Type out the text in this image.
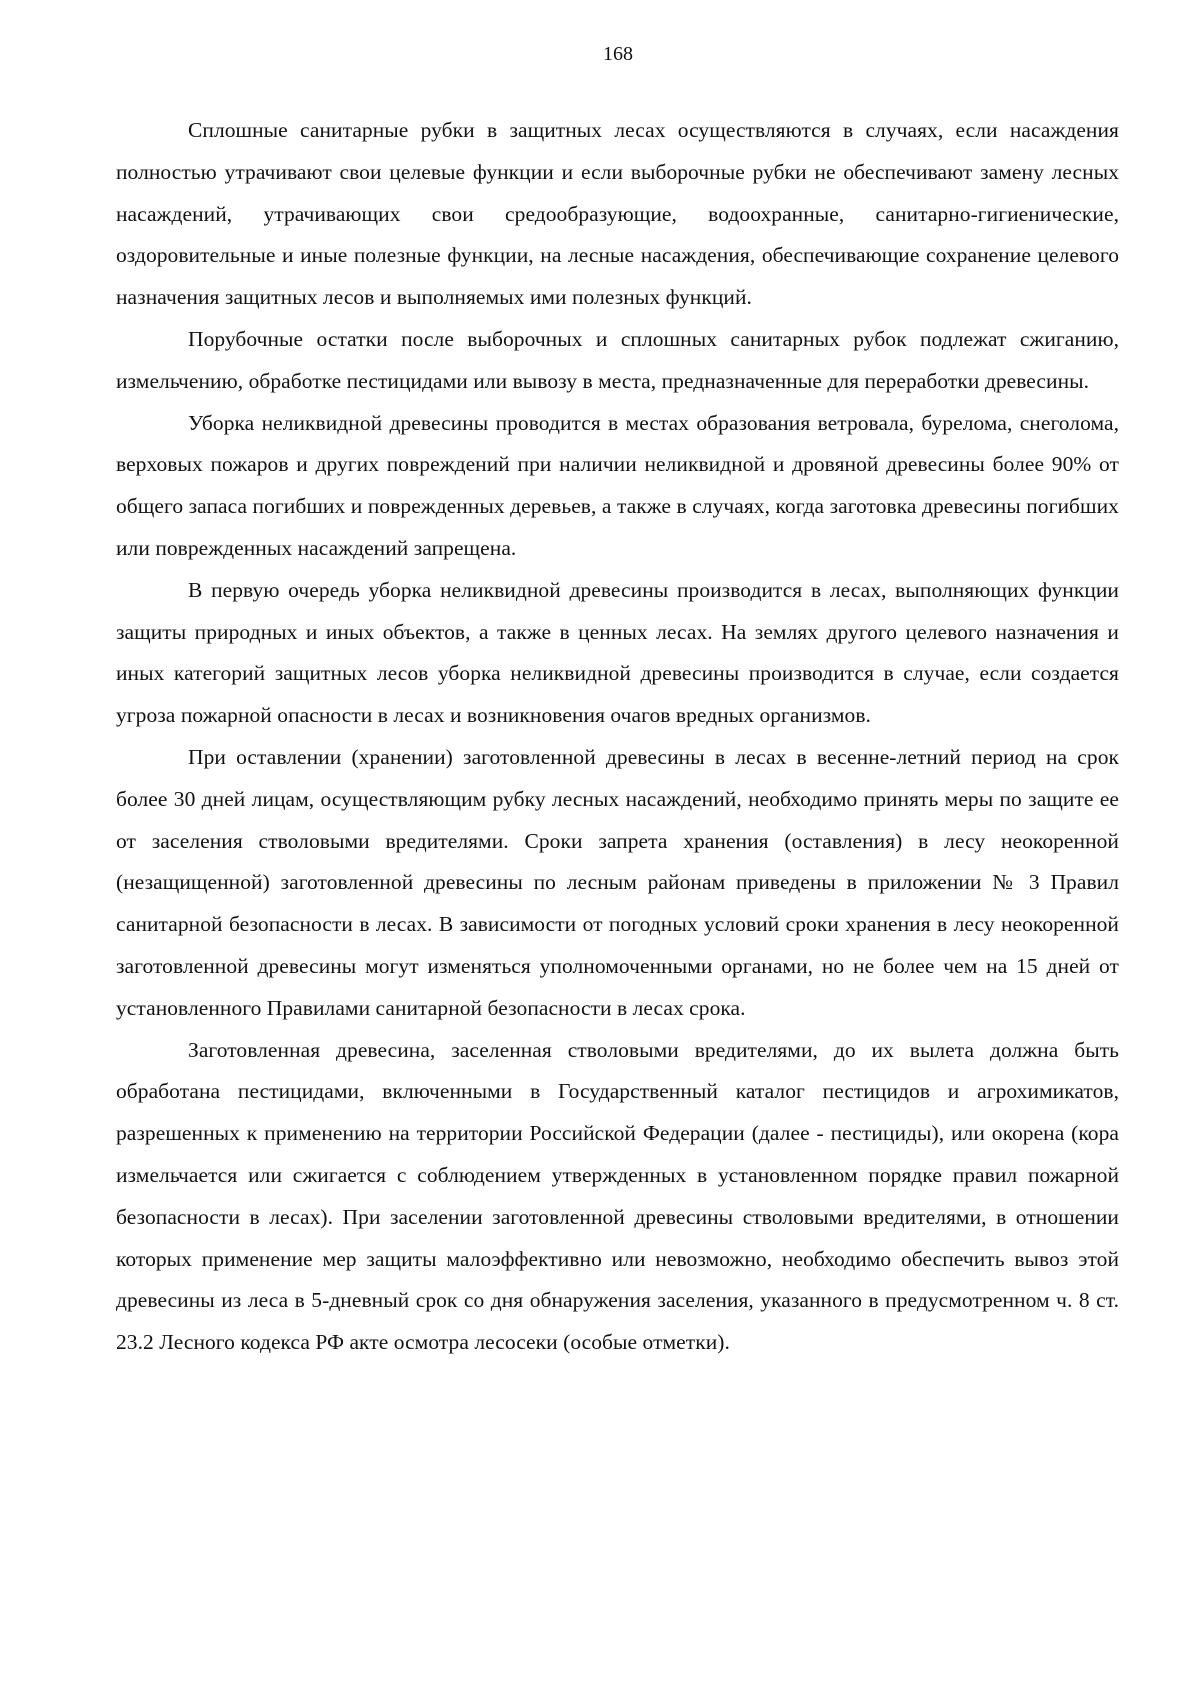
168

Сплошные санитарные рубки в защитных лесах осуществляются в случаях, если насаждения полностью утрачивают свои целевые функции и если выборочные рубки не обеспечивают замену лесных насаждений, утрачивающих свои средообразующие, водоохранные, санитарно-гигиенические, оздоровительные и иные полезные функции, на лесные насаждения, обеспечивающие сохранение целевого назначения защитных лесов и выполняемых ими полезных функций.

Порубочные остатки после выборочных и сплошных санитарных рубок подлежат сжиганию, измельчению, обработке пестицидами или вывозу в места, предназначенные для переработки древесины.

Уборка неликвидной древесины проводится в местах образования ветровала, бурелома, снеголома, верховых пожаров и других повреждений при наличии неликвидной и дровяной древесины более 90% от общего запаса погибших и поврежденных деревьев, а также в случаях, когда заготовка древесины погибших или поврежденных насаждений запрещена.

В первую очередь уборка неликвидной древесины производится в лесах, выполняющих функции защиты природных и иных объектов, а также в ценных лесах. На землях другого целевого назначения и иных категорий защитных лесов уборка неликвидной древесины производится в случае, если создается угроза пожарной опасности в лесах и возникновения очагов вредных организмов.

При оставлении (хранении) заготовленной древесины в лесах в весенне-летний период на срок более 30 дней лицам, осуществляющим рубку лесных насаждений, необходимо принять меры по защите ее от заселения стволовыми вредителями. Сроки запрета хранения (оставления) в лесу неокоренной (незащищенной) заготовленной древесины по лесным районам приведены в приложении № 3 Правил санитарной безопасности в лесах. В зависимости от погодных условий сроки хранения в лесу неокоренной заготовленной древесины могут изменяться уполномоченными органами, но не более чем на 15 дней от установленного Правилами санитарной безопасности в лесах срока.

Заготовленная древесина, заселенная стволовыми вредителями, до их вылета должна быть обработана пестицидами, включенными в Государственный каталог пестицидов и агрохимикатов, разрешенных к применению на территории Российской Федерации (далее - пестициды), или окорена (кора измельчается или сжигается с соблюдением утвержденных в установленном порядке правил пожарной безопасности в лесах). При заселении заготовленной древесины стволовыми вредителями, в отношении которых применение мер защиты малоэффективно или невозможно, необходимо обеспечить вывоз этой древесины из леса в 5-дневный срок со дня обнаружения заселения, указанного в предусмотренном ч. 8 ст. 23.2 Лесного кодекса РФ акте осмотра лесосеки (особые отметки).
